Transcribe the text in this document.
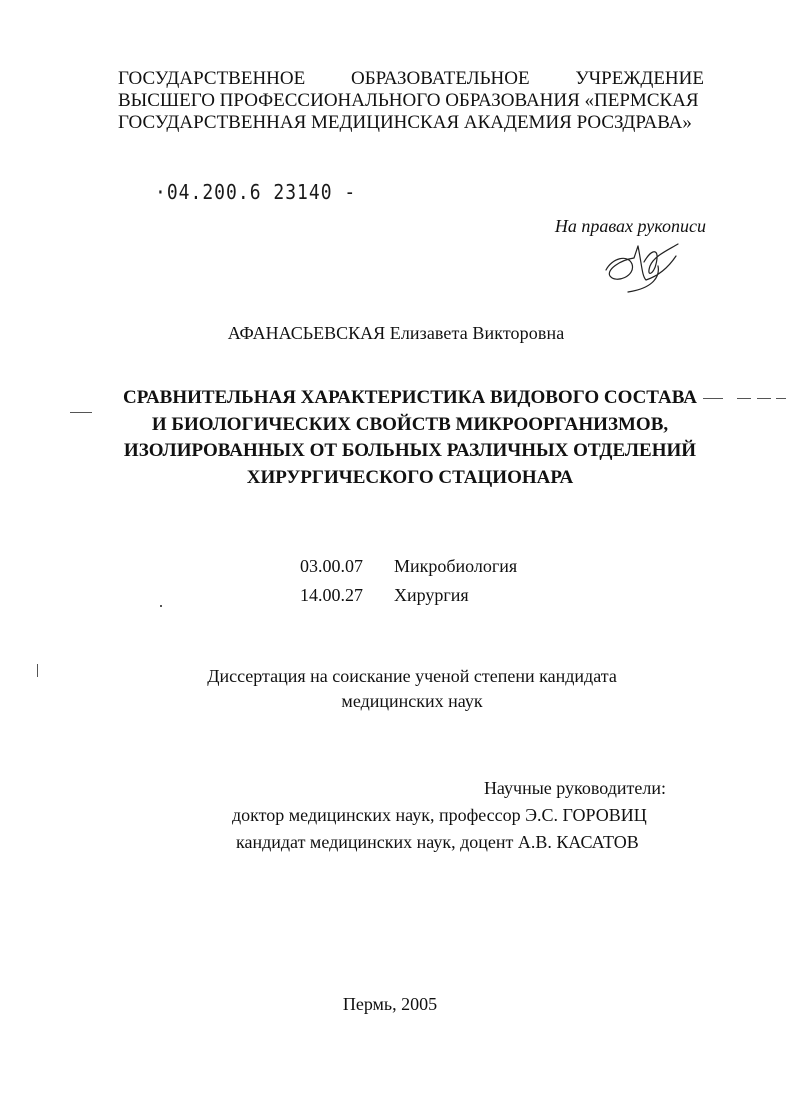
ГОСУДАРСТВЕННОЕ ОБРАЗОВАТЕЛЬНОЕ УЧРЕЖДЕНИЕ
ВЫСШЕГО ПРОФЕССИОНАЛЬНОГО ОБРАЗОВАНИЯ «ПЕРМСКАЯ
ГОСУДАРСТВЕННАЯ МЕДИЦИНСКАЯ АКАДЕМИЯ РОСЗДРАВА»
·04.200.6 23140 -
На правах рукописи
АФАНАСЬЕВСКАЯ Елизавета Викторовна
СРАВНИТЕЛЬНАЯ ХАРАКТЕРИСТИКА ВИДОВОГО СОСТАВА
И БИОЛОГИЧЕСКИХ СВОЙСТВ МИКРООРГАНИЗМОВ,
ИЗОЛИРОВАННЫХ ОТ БОЛЬНЫХ РАЗЛИЧНЫХ ОТДЕЛЕНИЙ
ХИРУРГИЧЕСКОГО СТАЦИОНАРА
03.00.07	Микробиология
14.00.27	Хирургия
Диссертация на соискание ученой степени кандидата
медицинских наук
Научные руководители:
доктор медицинских наук, профессор Э.С. ГОРОВИЦ
кандидат медицинских наук, доцент А.В. КАСАТОВ
Пермь, 2005
